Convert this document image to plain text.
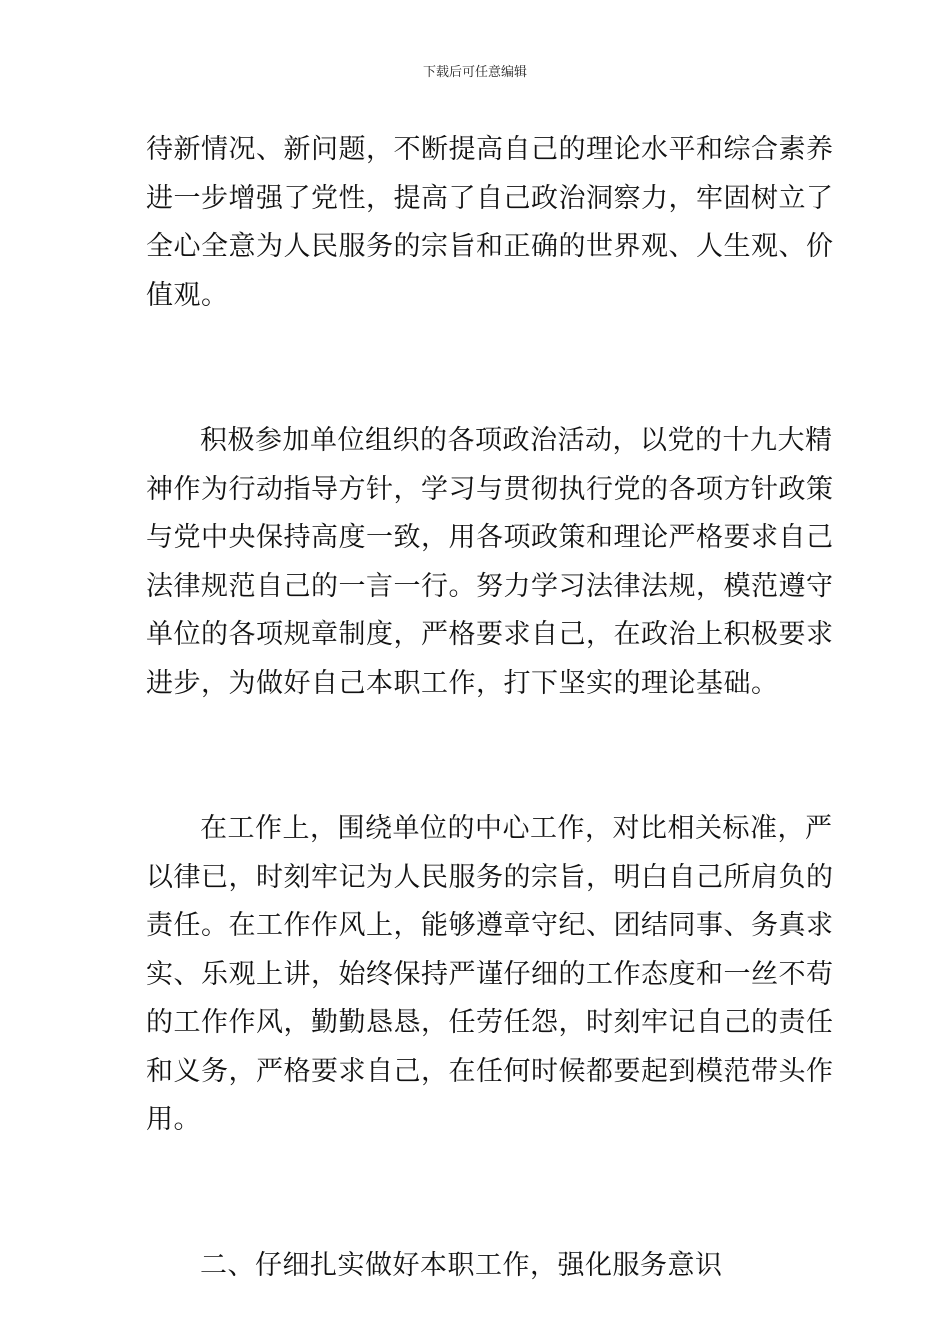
下载后可任意编辑

待新情况、新问题，不断提高自己的理论水平和综合素养
进一步增强了党性，提高了自己政治洞察力，牢固树立了
全心全意为人民服务的宗旨和正确的世界观、人生观、价
值观。

积极参加单位组织的各项政治活动，以党的十九大精
神作为行动指导方针，学习与贯彻执行党的各项方针政策
与党中央保持高度一致，用各项政策和理论严格要求自己
法律规范自己的一言一行。努力学习法律法规，模范遵守
单位的各项规章制度，严格要求自己，在政治上积极要求
进步，为做好自己本职工作，打下坚实的理论基础。

在工作上，围绕单位的中心工作，对比相关标准，严
以律已，时刻牢记为人民服务的宗旨，明白自己所肩负的
责任。在工作作风上，能够遵章守纪、团结同事、务真求
实、乐观上讲，始终保持严谨仔细的工作态度和一丝不苟
的工作作风，勤勤恳恳，任劳任怨，时刻牢记自己的责任
和义务，严格要求自己，在任何时候都要起到模范带头作
用。

二、仔细扎实做好本职工作，强化服务意识
